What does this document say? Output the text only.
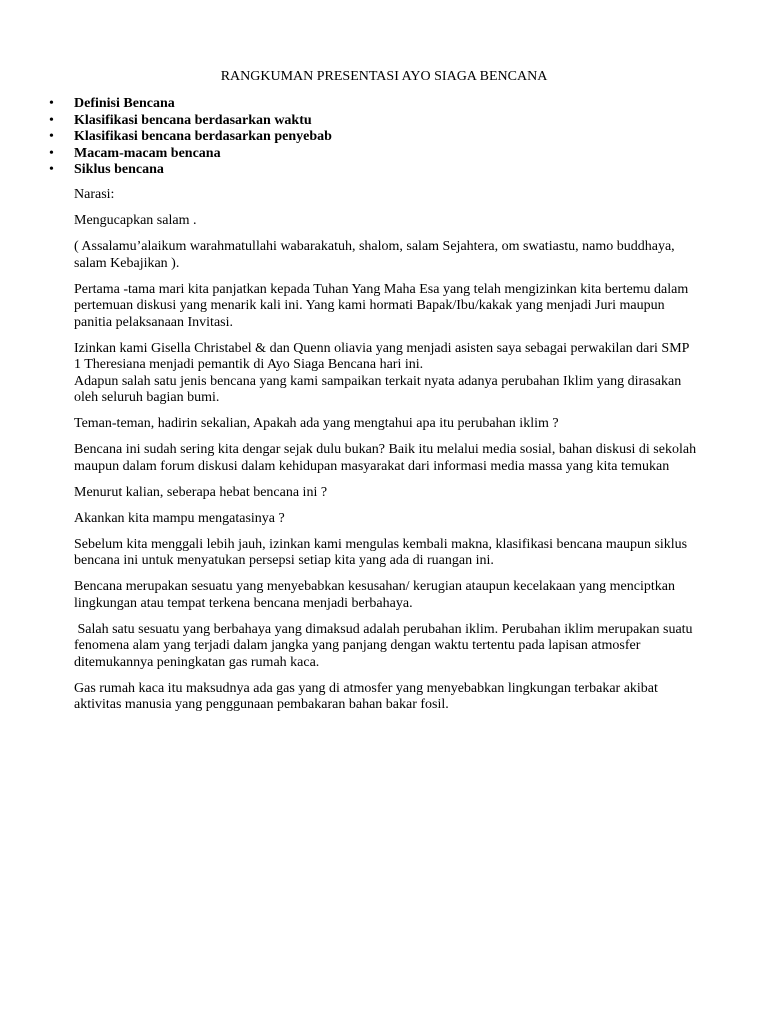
RANGKUMAN PRESENTASI AYO SIAGA BENCANA
•	Definisi Bencana
•	Klasifikasi bencana berdasarkan waktu
•	Klasifikasi bencana berdasarkan penyebab
•	Macam-macam bencana
•	Siklus bencana

Narasi:

Mengucapkan salam .

( Assalamu’alaikum warahmatullahi wabarakatuh, shalom, salam Sejahtera, om swatiastu, namo buddhaya, salam Kebajikan ).

Pertama -tama mari kita panjatkan kepada Tuhan Yang Maha Esa yang telah mengizinkan kita bertemu dalam pertemuan diskusi yang menarik kali ini. Yang kami hormati Bapak/Ibu/kakak yang menjadi Juri maupun panitia pelaksanaan Invitasi.

Izinkan kami Gisella Christabel & dan Quenn oliavia yang menjadi asisten saya sebagai perwakilan dari SMP 1 Theresiana menjadi pemantik di Ayo Siaga Bencana hari ini.
Adapun salah satu jenis bencana yang kami sampaikan terkait nyata adanya perubahan Iklim yang dirasakan oleh seluruh bagian bumi.

Teman-teman, hadirin sekalian, Apakah ada yang mengtahui apa itu perubahan iklim ?

Bencana ini sudah sering kita dengar sejak dulu bukan? Baik itu melalui media sosial, bahan diskusi di sekolah maupun dalam forum diskusi dalam kehidupan masyarakat dari informasi media massa yang kita temukan

Menurut kalian, seberapa hebat bencana ini ?

Akankan kita mampu mengatasinya ?

Sebelum kita menggali lebih jauh, izinkan kami mengulas kembali makna, klasifikasi bencana maupun siklus bencana ini untuk menyatukan persepsi setiap kita yang ada di ruangan ini.

Bencana merupakan sesuatu yang menyebabkan kesusahan/ kerugian ataupun kecelakaan yang menciptkan lingkungan atau tempat terkena bencana menjadi berbahaya.

Salah satu sesuatu yang berbahaya yang dimaksud adalah perubahan iklim. Perubahan iklim merupakan suatu fenomena alam yang terjadi dalam jangka yang panjang dengan waktu tertentu pada lapisan atmosfer ditemukannya peningkatan gas rumah kaca.

Gas rumah kaca itu maksudnya ada gas yang di atmosfer yang menyebabkan lingkungan terbakar akibat aktivitas manusia yang penggunaan pembakaran bahan bakar fosil.
